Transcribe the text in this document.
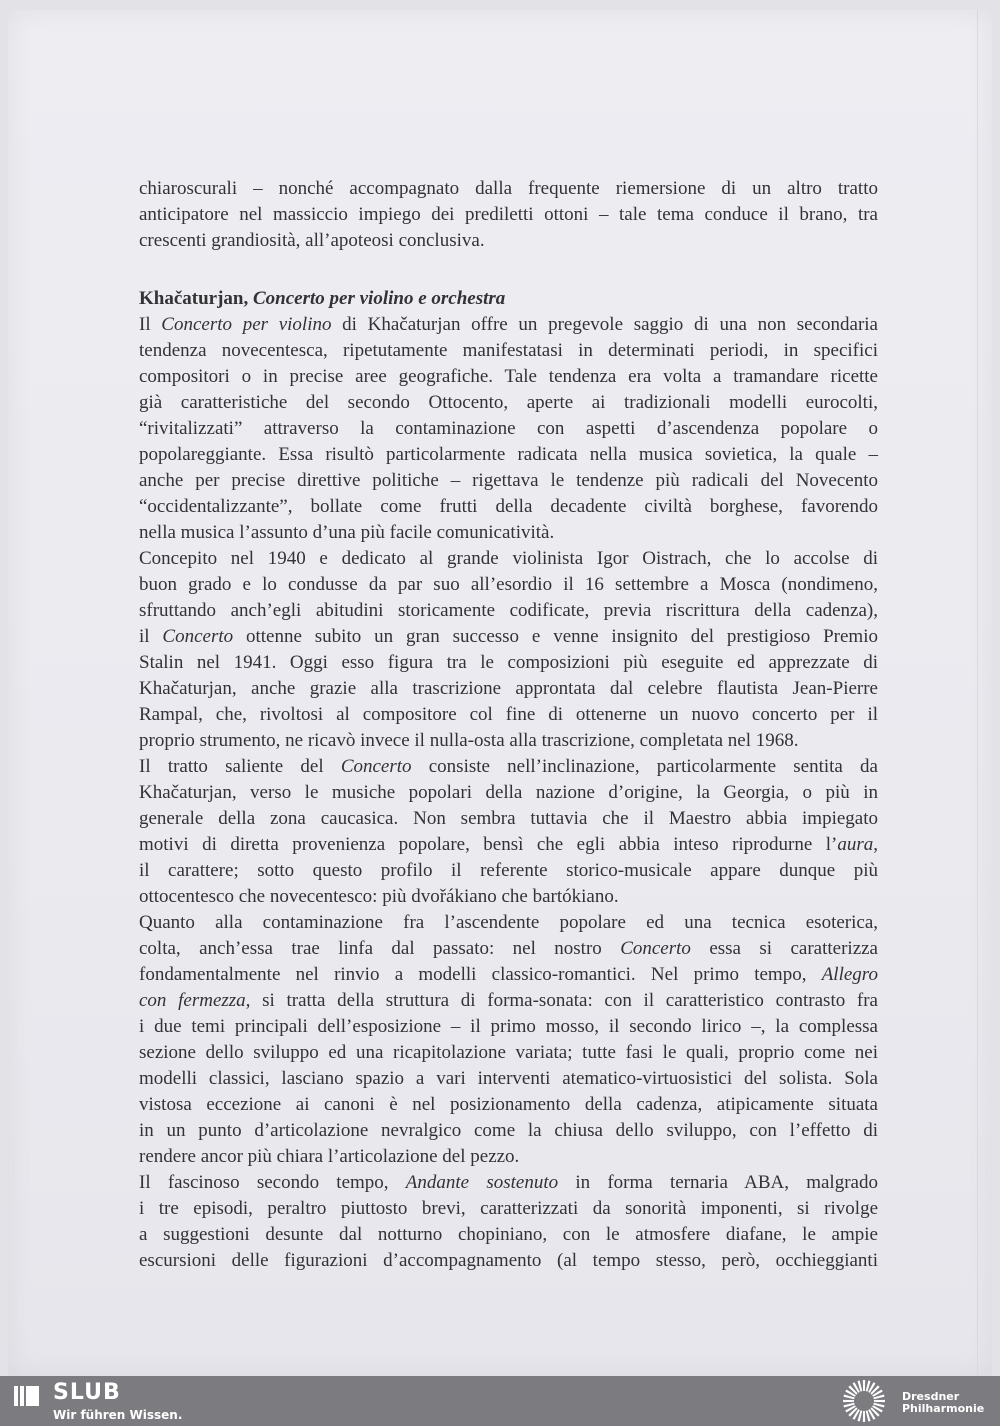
chiaroscurali – nonché accompagnato dalla frequente riemersione di un altro tratto
anticipatore nel massiccio impiego dei prediletti ottoni – tale tema conduce il brano, tra
crescenti grandiosità, all’apoteosi conclusiva.
Khačaturjan, Concerto per violino e orchestra
Il Concerto per violino di Khačaturjan offre un pregevole saggio di una non secondaria
tendenza novecentesca, ripetutamente manifestatasi in determinati periodi, in specifici
compositori o in precise aree geografiche. Tale tendenza era volta a tramandare ricette
già caratteristiche del secondo Ottocento, aperte ai tradizionali modelli eurocolti,
“rivitalizzati” attraverso la contaminazione con aspetti d’ascendenza popolare o
popolareggiante. Essa risultò particolarmente radicata nella musica sovietica, la quale –
anche per precise direttive politiche – rigettava le tendenze più radicali del Novecento
“occidentalizzante”, bollate come frutti della decadente civiltà borghese, favorendo
nella musica l’assunto d’una più facile comunicatività.
Concepito nel 1940 e dedicato al grande violinista Igor Oistrach, che lo accolse di
buon grado e lo condusse da par suo all’esordio il 16 settembre a Mosca (nondimeno,
sfruttando anch’egli abitudini storicamente codificate, previa riscrittura della cadenza),
il Concerto ottenne subito un gran successo e venne insignito del prestigioso Premio
Stalin nel 1941. Oggi esso figura tra le composizioni più eseguite ed apprezzate di
Khačaturjan, anche grazie alla trascrizione approntata dal celebre flautista Jean-Pierre
Rampal, che, rivoltosi al compositore col fine di ottenerne un nuovo concerto per il
proprio strumento, ne ricavò invece il nulla-osta alla trascrizione, completata nel 1968.
Il tratto saliente del Concerto consiste nell’inclinazione, particolarmente sentita da
Khačaturjan, verso le musiche popolari della nazione d’origine, la Georgia, o più in
generale della zona caucasica. Non sembra tuttavia che il Maestro abbia impiegato
motivi di diretta provenienza popolare, bensì che egli abbia inteso riprodurne l’aura,
il carattere; sotto questo profilo il referente storico-musicale appare dunque più
ottocentesco che novecentesco: più dvořákiano che bartókiano.
Quanto alla contaminazione fra l’ascendente popolare ed una tecnica esoterica,
colta, anch’essa trae linfa dal passato: nel nostro Concerto essa si caratterizza
fondamentalmente nel rinvio a modelli classico-romantici. Nel primo tempo, Allegro
con fermezza, si tratta della struttura di forma-sonata: con il caratteristico contrasto fra
i due temi principali dell’esposizione – il primo mosso, il secondo lirico –, la complessa
sezione dello sviluppo ed una ricapitolazione variata; tutte fasi le quali, proprio come nei
modelli classici, lasciano spazio a vari interventi atematico-virtuosistici del solista. Sola
vistosa eccezione ai canoni è nel posizionamento della cadenza, atipicamente situata
in un punto d’articolazione nevralgico come la chiusa dello sviluppo, con l’effetto di
rendere ancor più chiara l’articolazione del pezzo.
Il fascinoso secondo tempo, Andante sostenuto in forma ternaria ABA, malgrado
i tre episodi, peraltro piuttosto brevi, caratterizzati da sonorità imponenti, si rivolge
a suggestioni desunte dal notturno chopiniano, con le atmosfere diafane, le ampie
escursioni delle figurazioni d’accompagnamento (al tempo stesso, però, occhieggianti
SLUB
Wir führen Wissen.
Dresdner
Philharmonie
